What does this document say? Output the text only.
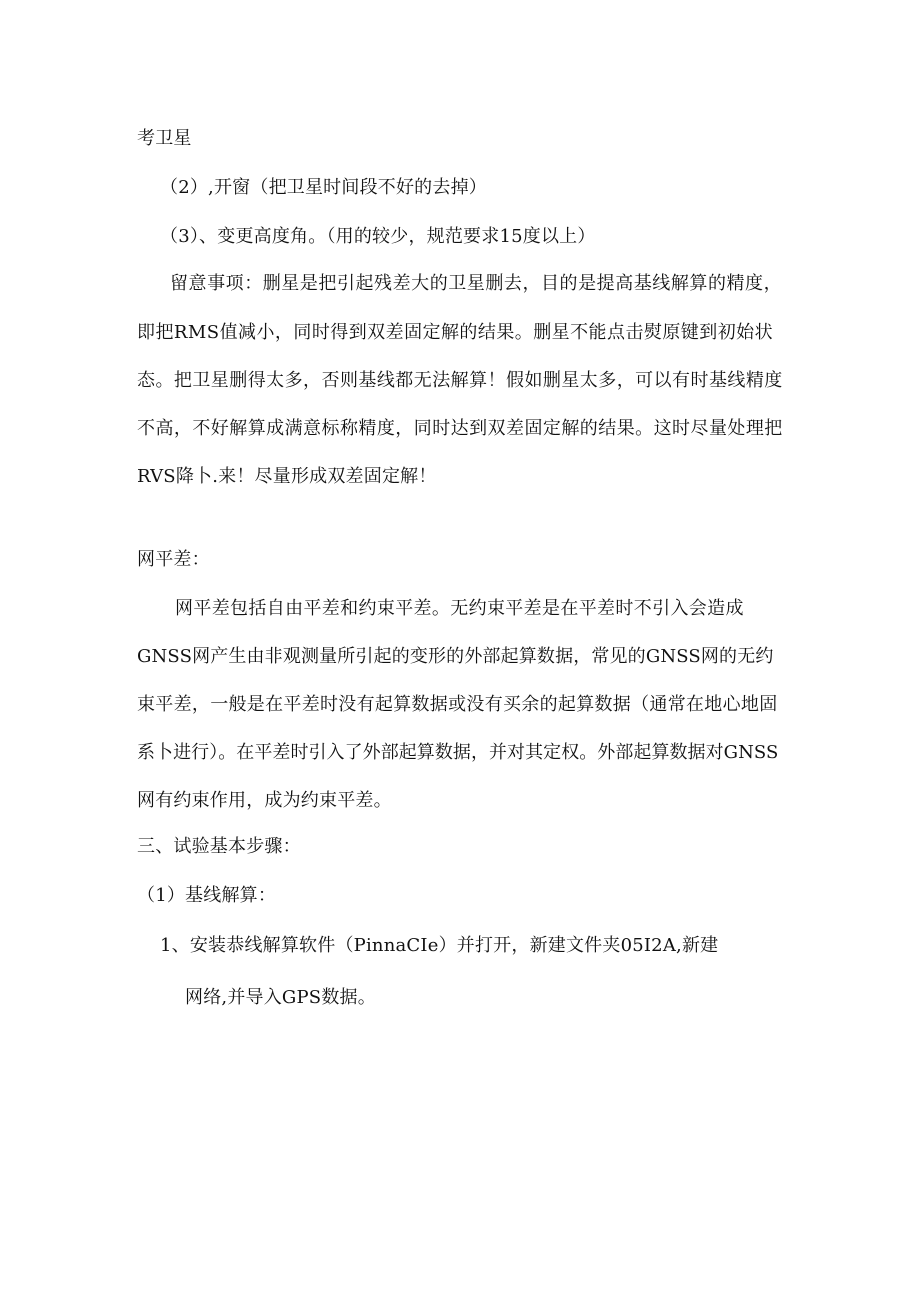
考卫星
（2）,开窗（把卫星时间段不好的去掉）
（3）、变更高度角。（用的较少，规范要求15度以上）
留意事项：删星是把引起残差大的卫星删去，目的是提高基线解算的精度，
即把RMS值减小，同时得到双差固定解的结果。删星不能点击熨原键到初始状
态。把卫星删得太多，否则基线都无法解算！假如删星太多，可以有时基线精度
不高，不好解算成满意标称精度，同时达到双差固定解的结果。这时尽量处理把
RVS降卜.来！尽量形成双差固定解！
网平差：
网平差包括自由平差和约束平差。无约束平差是在平差时不引入会造成
GNSS网产生由非观测量所引起的变形的外部起算数据，常见的GNSS网的无约
束平差，一般是在平差时没有起算数据或没有买余的起算数据（通常在地心地固
系卜进行）。在平差时引入了外部起算数据，并对其定权。外部起算数据对GNSS
网有约束作用，成为约束平差。
三、试验基本步骤：
（1）基线解算：
1、安装恭线解算软件（PinnaCIe）并打开，新建文件夹05I2A,新建
网络,并导入GPS数据。
